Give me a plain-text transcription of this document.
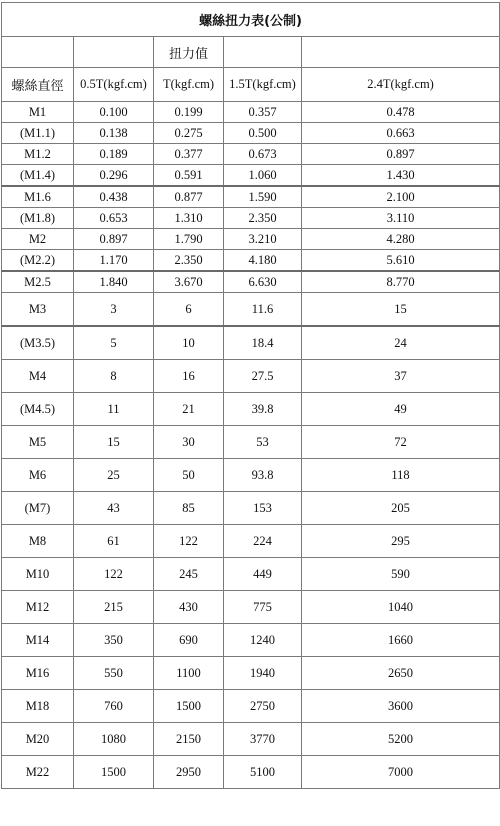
螺絲扭力表(公制)				
		扭力值		
螺絲直徑	0.5T(kgf.cm)	T(kgf.cm)	1.5T(kgf.cm)	2.4T(kgf.cm)
M1	0.100	0.199	0.357	0.478
(M1.1)	0.138	0.275	0.500	0.663
M1.2	0.189	0.377	0.673	0.897
(M1.4)	0.296	0.591	1.060	1.430
M1.6	0.438	0.877	1.590	2.100
(M1.8)	0.653	1.310	2.350	3.110
M2	0.897	1.790	3.210	4.280
(M2.2)	1.170	2.350	4.180	5.610
M2.5	1.840	3.670	6.630	8.770
M3	3	6	11.6	15
(M3.5)	5	10	18.4	24
M4	8	16	27.5	37
(M4.5)	11	21	39.8	49
M5	15	30	53	72
M6	25	50	93.8	118
(M7)	43	85	153	205
M8	61	122	224	295
M10	122	245	449	590
M12	215	430	775	1040
M14	350	690	1240	1660
M16	550	1100	1940	2650
M18	760	1500	2750	3600
M20	1080	2150	3770	5200
M22	1500	2950	5100	7000
